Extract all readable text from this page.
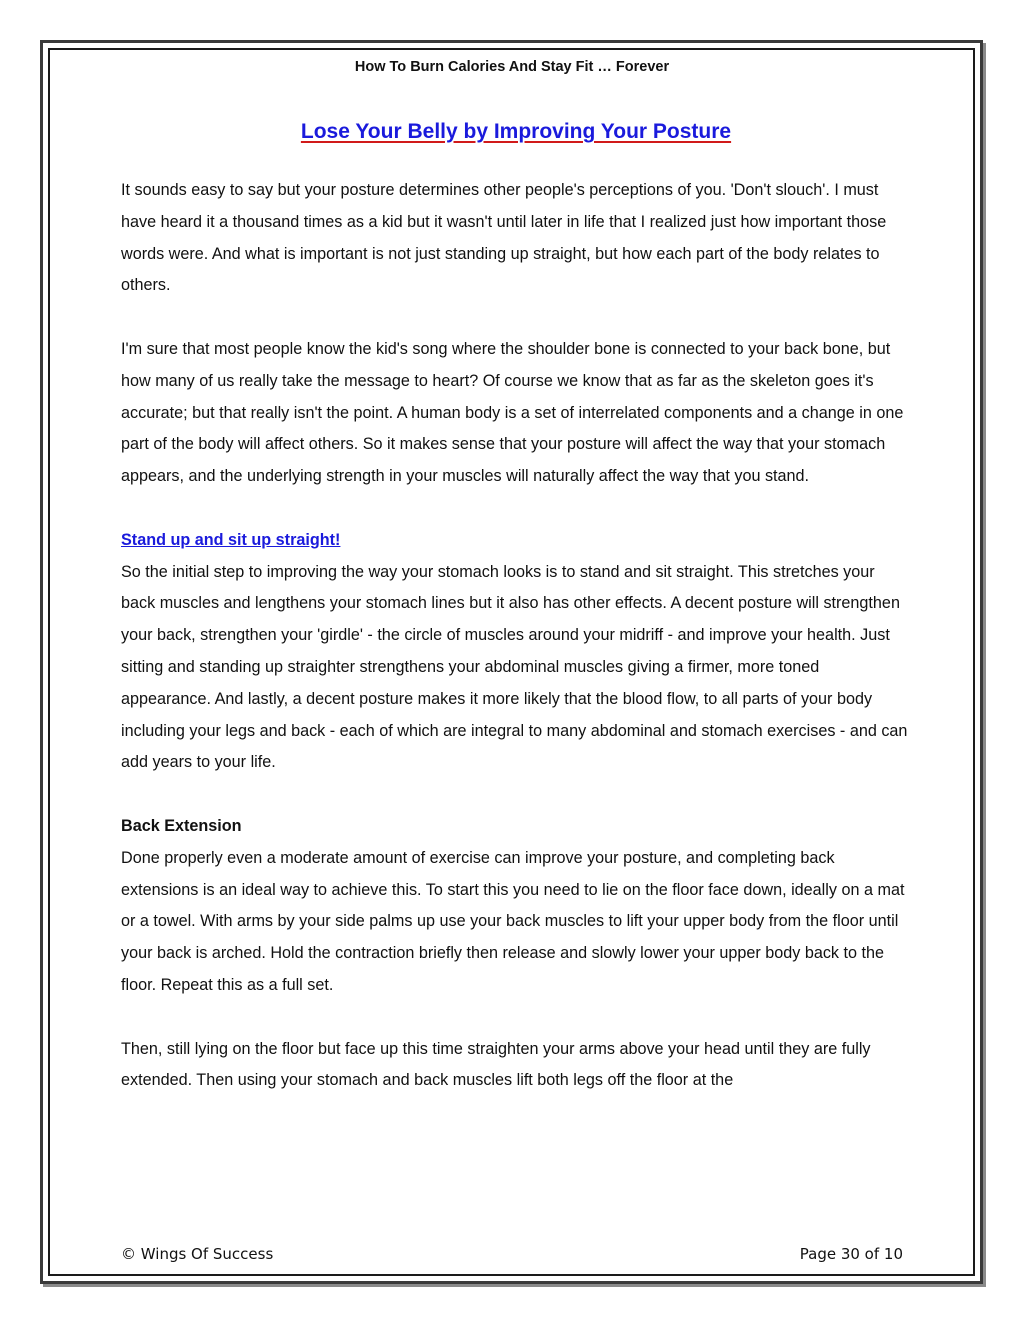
How To Burn Calories And Stay Fit … Forever
Lose Your Belly by Improving Your Posture

It sounds easy to say but your posture determines other people's perceptions of you. 'Don't slouch'. I must have heard it a thousand times as a kid but it wasn't until later in life that I realized just how important those words were. And what is important is not just standing up straight, but how each part of the body relates to others.

I'm sure that most people know the kid's song where the shoulder bone is connected to your back bone, but how many of us really take the message to heart? Of course we know that as far as the skeleton goes it's accurate; but that really isn't the point. A human body is a set of interrelated components and a change in one part of the body will affect others. So it makes sense that your posture will affect the way that your stomach appears, and the underlying strength in your muscles will naturally affect the way that you stand.

Stand up and sit up straight!

So the initial step to improving the way your stomach looks is to stand and sit straight. This stretches your back muscles and lengthens your stomach lines but it also has other effects. A decent posture will strengthen your back, strengthen your 'girdle' - the circle of muscles around your midriff - and improve your health. Just sitting and standing up straighter strengthens your abdominal muscles giving a firmer, more toned appearance. And lastly, a decent posture makes it more likely that the blood flow, to all parts of your body including your legs and back - each of which are integral to many abdominal and stomach exercises - and can add years to your life.

Back Extension

Done properly even a moderate amount of exercise can improve your posture, and completing back extensions is an ideal way to achieve this. To start this you need to lie on the floor face down, ideally on a mat or a towel. With arms by your side palms up use your back muscles to lift your upper body from the floor until your back is arched. Hold the contraction briefly then release and slowly lower your upper body back to the floor. Repeat this as a full set.

Then, still lying on the floor but face up this time straighten your arms above your head until they are fully extended. Then using your stomach and back muscles lift both legs off the floor at the

© Wings Of Success	Page 30 of 10
